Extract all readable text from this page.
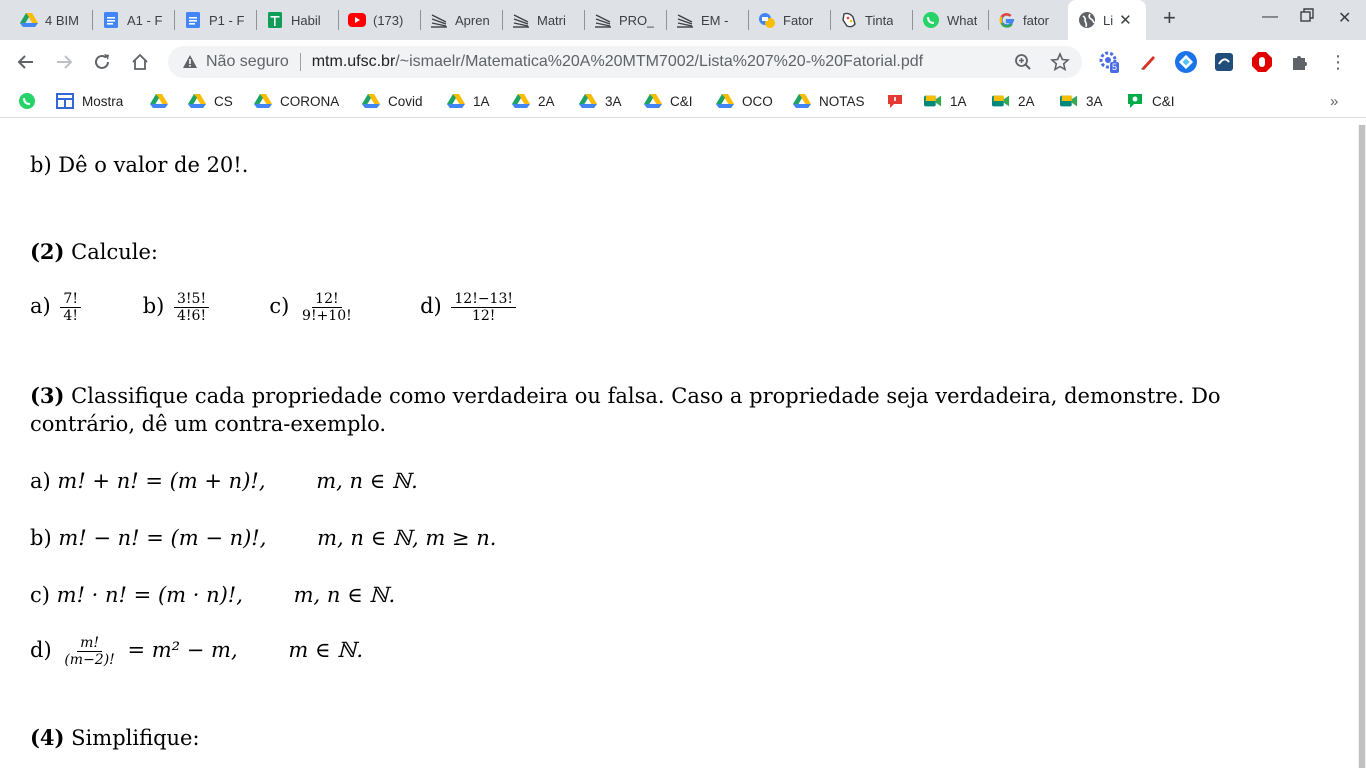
4 BIM	A1 - F	P1 - F	Habil	(173)	Apren	Matri	PRO_	EM -	Fator	Tinta	What	fator	Li ✕ +	—	✕
Não seguro mtm.ufsc.br /~ismaelr/Matematica%20A%20MTM7002/Lista%207%20-%20Fatorial.pdf	5	⋮
Mostra	CS	CORONA	Covid	1A	2A	3A	C&I	OCO	NOTAS	1A	2A	3A	C&I	»
b) Dê o valor de 20!.
(2) Calcule:
$a) \frac{7!}{4!}$	$b) \frac{3!5!}{4!6!}$	$c) \frac{12!}{9!+10!}$	$d) \frac{12!-13!}{12!}$
(3) Classifique cada propriedade como verdadeira ou falsa. Caso a propriedade seja verdadeira, demonstre. Do contrário, dê um contra-exemplo.
a) m! + n! = (m + n)!, m, n ∈ ℕ.
b) m! − n! = (m − n)!, m, n ∈ ℕ, m ≥ n.
c) m! · n! = (m · n)!, m, n ∈ ℕ.
$d) \frac{m!}{(m-2)!} = m^2 - m$, m ∈ ℕ.
(4) Simplifique:
